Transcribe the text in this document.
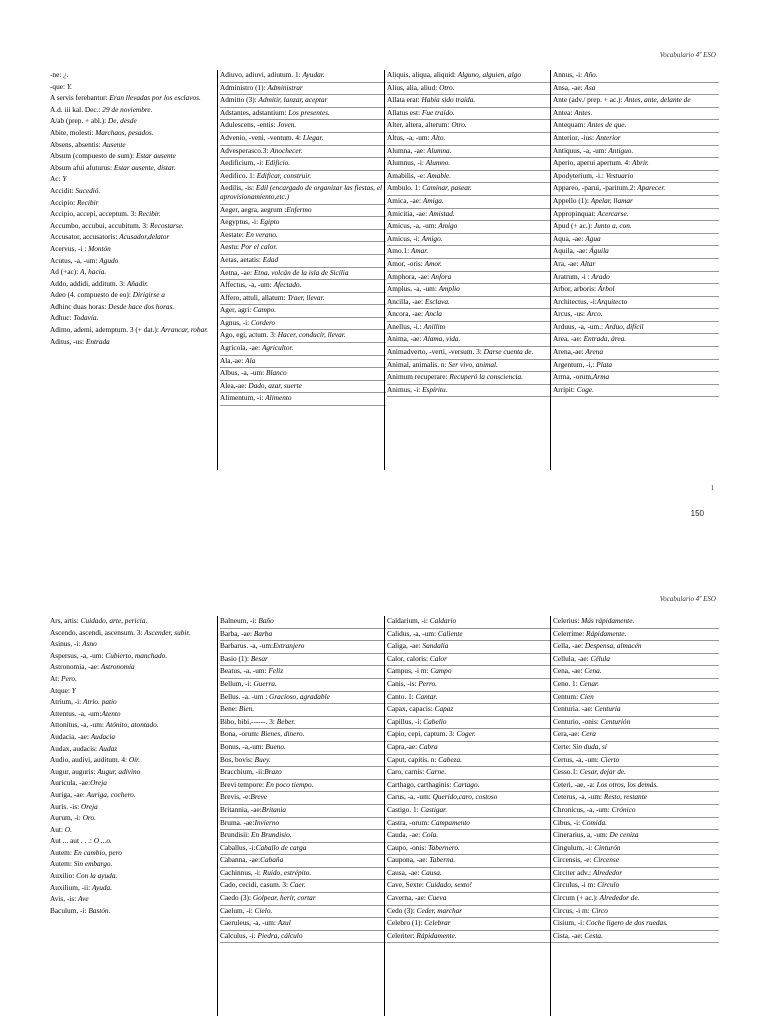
Vocabulario 4º ESO
-ne: ¿.
-que: Y.
A servis ferebantur: Eran llevadas por los esclavos.
A.d. iii kal. Dec.: 29 de noviembre.
A/ab (prep. + abl.): De, desde
Abite, molesti: Marchaos, pesados.
Absens, absentis: Ausente
Absum (compuesto de sum): Estar ausente
Absum afui afuturus: Estar ausente, distar.
Ac: Y
Accidit: Sucedió.
Accipio: Recibir
Accipio, accepi, acceptum. 3: Recibir.
Accumbo, accubui, accubitum. 3: Recostarse.
Accusator, accusatoris: Acusador,delator
Acervus, -i : Montón
Acutus, -a, -um: Agudo
Ad (+ac): A, hacia.
Addo, addidi, additum. 3: Añadir.
Adeo (4. compuesto de eo): Dirigirse a
Adhinc duas horas: Desde hace dos horas.
Adhuc: Todavía.
Adimo, ademi, ademptum. 3 (+ dat.): Arrancar, robar.
Aditus, -us: Entrada
Adiuvo, adiuvi, adiutum. 1: Ayudar.
Administro (1): Administrar
Admitto (3): Admitir, lanzar, aceptar
Adstantes, adstantium: Los presentes.
Adulescens, -entis: Joven.
Advenio, -veni, -ventum. 4: Llegar.
Advesperasco.3: Anochecer.
Aedificium, -i: Edificio.
Aedifico. 1: Edificar, construir.
Aedilis, -is: Edil (encargado de organizar las fiestas, el aprovisionamiento,etc.)
Aeger, aegra, aegrum :Enfermo
Aegyptus, -i: Egipto
Aestate: En verano.
Aestu: Por el calor.
Aetas, aetatis: Edad
Aetna, -ae: Etna, volcán de la isla de Sicilia
Affectus, -a, -um: Afectado.
Affero, attuli, allatum: Traer, llevar.
Ager, agri: Campo.
Agnus, -i: Cordero
Ago, egi, actum. 3: Hacer, conducir, llevar.
Agricola, -ae: Agricultor.
Ala,-ae: Ala
Albus, -a, -um: Blanco
Alea,-ae: Dado, azar, suerte
Alimentum, -i: Alimento
Aliquis, aliqua, aliquid: Alguno, alguien, algo
Alius, alia, aliud: Otro.
Allata erat: Había sido traída.
Allatus est: Fue traído.
Alter, altera, alterum: Otro.
Altus, -a, -um: Alto.
Alumna, -ae: Alumna.
Alumnus, -i: Alumno.
Amabilis, -e: Amable.
Ambulo. 1: Caminar, pasear.
Amica, -ae: Amiga.
Amicitia, -ae: Amistad.
Amicus, -a, -um: Amigo
Amicus, -i: Amigo.
Amo.1: Amar.
Amor, -oris: Amor.
Amphora, -ae: Anfora
Amplus, -a, -um: Amplio
Ancilla, -ae: Esclava.
Ancora, -ae: Ancla
Anellus, -i.: Anillito
Anima, -ae: Alama, vida.
Animadverto, -verti, -versum. 3: Darse cuenta de.
Animal, animalis. n: Ser vivo, animal.
Animum recuperare: Recuperó la consciencia.
Animus, -i: Espíritu.
Annus, -i: Año.
Ansa, -ae: Asa
Ante (adv./ prep. + ac.): Antes, ante, delante de
Antea: Antes.
Antequam: Antes de que.
Anterior, -ius: Anterior
Antiquus, -a, -um: Antiguo.
Aperio, aperui apertum. 4: Abrir.
Apodyterium, -i.: Vestuario
Appareo, -parui, -paritum.2: Aparecer.
Appello (1): Apelar, llamar
Appropinquat: Acercarse.
Apud (+ ac.): Junto a, con.
Aqua, -ae: Agua
Aquila, -ae: Águila
Ara, -ae: Altar
Aratrum, -i : Arado
Arbor, arboris: Árbol
Architectus, -i:Arquitecto
Arcus, -us: Arco.
Arduus, -a, -um.: Arduo, difícil
Area, -ae: Entrada, área.
Arena,-ae: Arena
Argentum, -i,: Plata
Arma, -orum,Arma
Arripit: Coge.
1
150
Vocabulario 4º ESO
Ars, artis: Cuidado, arte, pericia.
Ascendo, ascendi, ascensum. 3: Ascender, subir.
Asinus, -i: Asno
Aspersus, -a, -um: Cubierto, manchado.
Astronomia, -ae: Astronomía
At: Pero.
Atque: Y
Atrium, -i: Atrio. patio
Attentus. -a, -um:Atento
Attonitus, -a, -um: Atónito, atontado.
Audacia, -ae: Audacia
Audax, audacis: Audaz
Audio, audivi, auditum. 4: Oír.
Augur, auguris: Augur, adivino
Auricula, -ae:Oreja
Auriga, -ae: Auriga, cochero.
Auris. -is: Oreja
Aurum, -i: Oro.
Aut: O.
Aut ... aut . . .: O ...o.
Autem: En cambio, pero
Autem: Sin embargo.
Auxilio: Con la ayuda.
Auxilium, -ii: Ayuda.
Avis, -is: Ave
Baculum, -i: Bastón.
Balneum, -i: Baño
Barba, -ae: Barba
Barbarus. -a, -um:Extranjero
Basio (1): Besar
Beatus, -a, -um: Feliz
Bellum, -i: Guerra.
Bellus. -a. -um : Gracioso, agradable
Bene: Bien.
Bibo, bibi,------. 3: Beber.
Bona, -orum: Bienes, dinero.
Bonus, -a,-um: Bueno.
Bos, bovis: Buey.
Bracchium, -ii:Brazo
Brevi tempore: En poco tiempo.
Brevis, -e:Breve
Britannia, -ae:Britania
Bruma. -ae:Invierno
Brundisii: En Brundisio.
Caballus, -i:Caballo de carga
Cabanna, -ae:Cabaña
Cachinnus, -i: Ruido, estrépito.
Cado, cecidi, casum. 3: Caer.
Caedo (3): Golpear, herir, cortar
Caelum, -i: Cielo.
Caeruleus, -a, -um: Azul
Calculus, -i: Piedra, cálculo
Caldarium, -i: Caldario
Calidus, -a, -um: Caliente
Caliga, -ae: Sandalia
Calor, caloris: Calor
Campus, -i m: Campo
Canis, -is: Perro.
Canto. 1: Cantar.
Capax, capacis: Capaz
Capillus, -i: Cabello
Capio, cepi, captum. 3: Coger.
Capra,-ae: Cabra
Caput, capitis. n: Cabeza.
Caro, carnis: Carne.
Carthago, carthaginis: Cartago.
Carus, -a, -um: Querido,caro, costoso
Castigo. 1: Castigar.
Castra, -orum: Campamento
Cauda, -ae: Cola.
Caupo, -onis: Tabernero.
Caupona, -ae: Taberna.
Causa, -ae: Causa.
Cave, Sexte: Cuidado, sexto!
Caverna, -ae: Cueva
Cedo (3): Ceder, marchar
Celebro (1): Celebrar
Celeriter: Rápidamente.
Celerius: Más rápidamente.
Celerrime: Rápidamente.
Cella, -ae: Despensa, almacén
Cellula, -ae: Célula
Cena, -ae: Cena.
Ceno. 1: Cenar.
Centum: Cien
Centuria. -ae: Centuria
Centurio, -onis: Centurión
Cera,-ae: Cera
Certe: Sin duda, sí
Certus, -a, -um: Cierto
Cesso.1: Cesar, dejar de.
Ceteri, -ae, -a: Los otros, los demás.
Ceterus, -a, -um: Resto, restante
Chronicus, -a, -um: Crónico
Cibus, -i: Comida.
Cinerarius, a, -um: De ceniza
Cingulum, -i: Cinturón
Circensis, -e: Circense
Circiter adv.: Alrededor
Circulus, -i m: Círculo
Circum (+ ac.): Alrededor de.
Circus, -i m: Circo
Cisium, -i: Coche ligero de dos ruedas.
Cista, -ae: Cesta.
